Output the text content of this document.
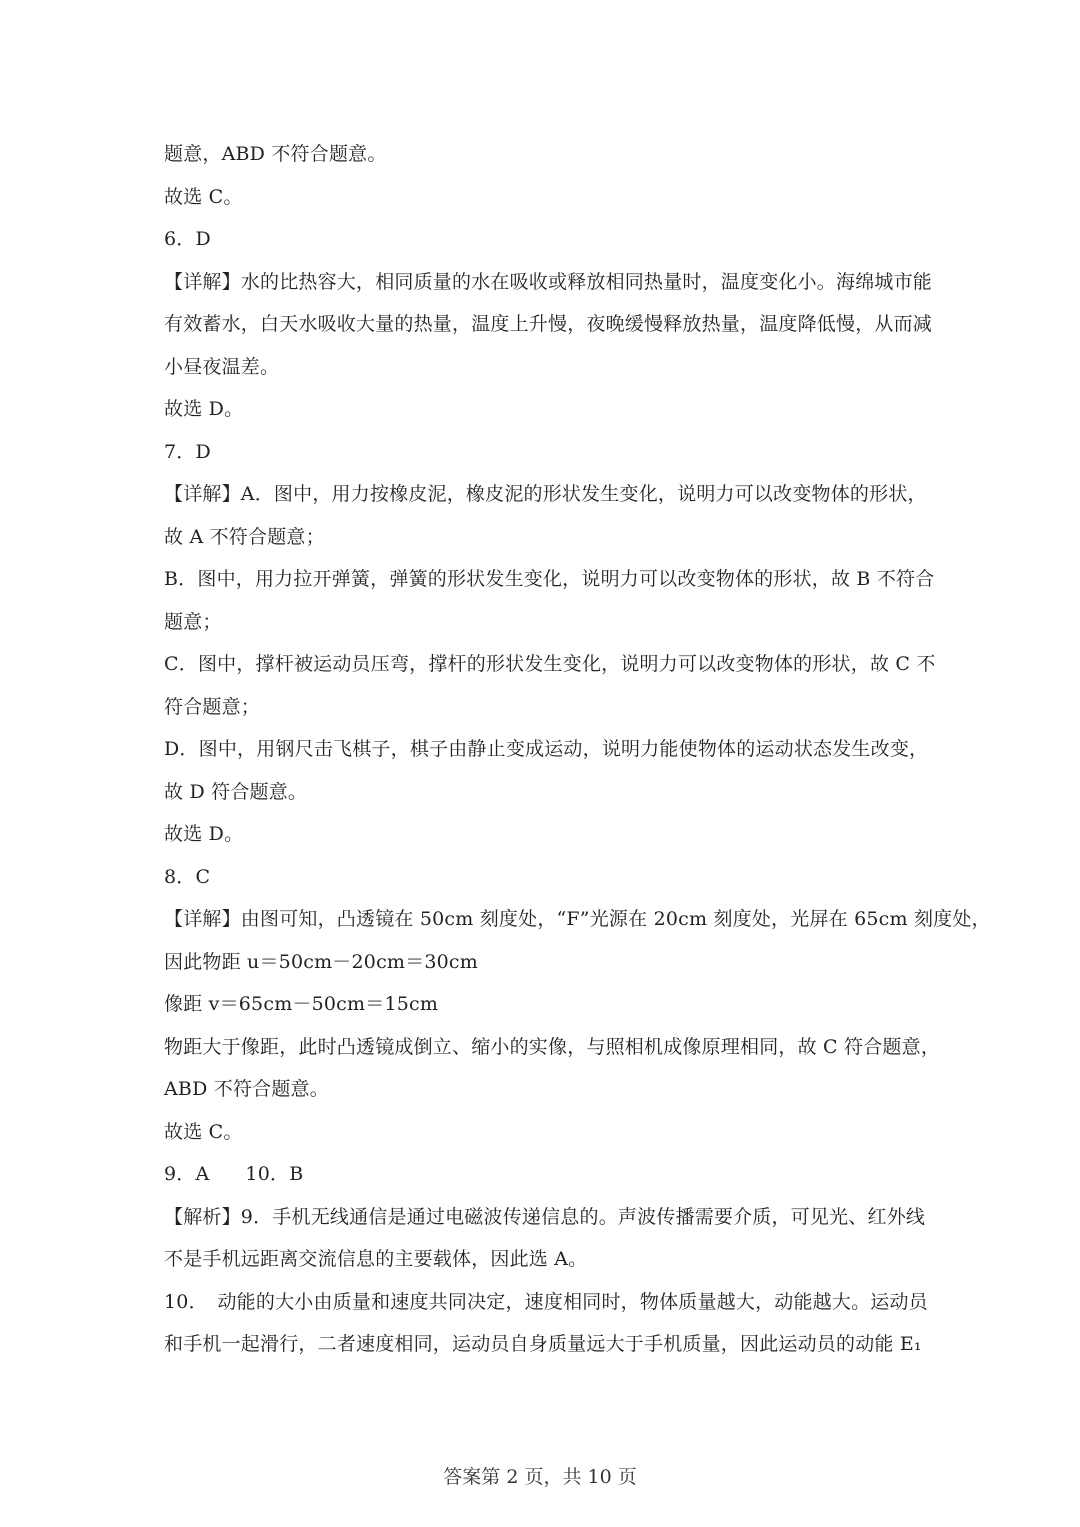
题意，ABD 不符合题意。
故选 C。
6．D
【详解】水的比热容大，相同质量的水在吸收或释放相同热量时，温度变化小。海绵城市能
有效蓄水，白天水吸收大量的热量，温度上升慢，夜晚缓慢释放热量，温度降低慢，从而减
小昼夜温差。
故选 D。
7．D
【详解】A．图中，用力按橡皮泥，橡皮泥的形状发生变化，说明力可以改变物体的形状，
故 A 不符合题意；
B．图中，用力拉开弹簧，弹簧的形状发生变化，说明力可以改变物体的形状，故 B 不符合
题意；
C．图中，撑杆被运动员压弯，撑杆的形状发生变化，说明力可以改变物体的形状，故 C 不
符合题意；
D．图中，用钢尺击飞棋子，棋子由静止变成运动，说明力能使物体的运动状态发生改变，
故 D 符合题意。
故选 D。
8．C
【详解】由图可知，凸透镜在 50cm 刻度处，“F”光源在 20cm 刻度处，光屏在 65cm 刻度处，
因此物距 u＝50cm－20cm＝30cm
像距 v＝65cm－50cm＝15cm
物距大于像距，此时凸透镜成倒立、缩小的实像，与照相机成像原理相同，故 C 符合题意，
ABD 不符合题意。
故选 C。
9．A 10．B
【解析】9．手机无线通信是通过电磁波传递信息的。声波传播需要介质，可见光、红外线
不是手机远距离交流信息的主要载体，因此选 A。
10．　动能的大小由质量和速度共同决定，速度相同时，物体质量越大，动能越大。运动员
和手机一起滑行，二者速度相同，运动员自身质量远大于手机质量，因此运动员的动能 E₁
答案第 2 页，共 10 页
